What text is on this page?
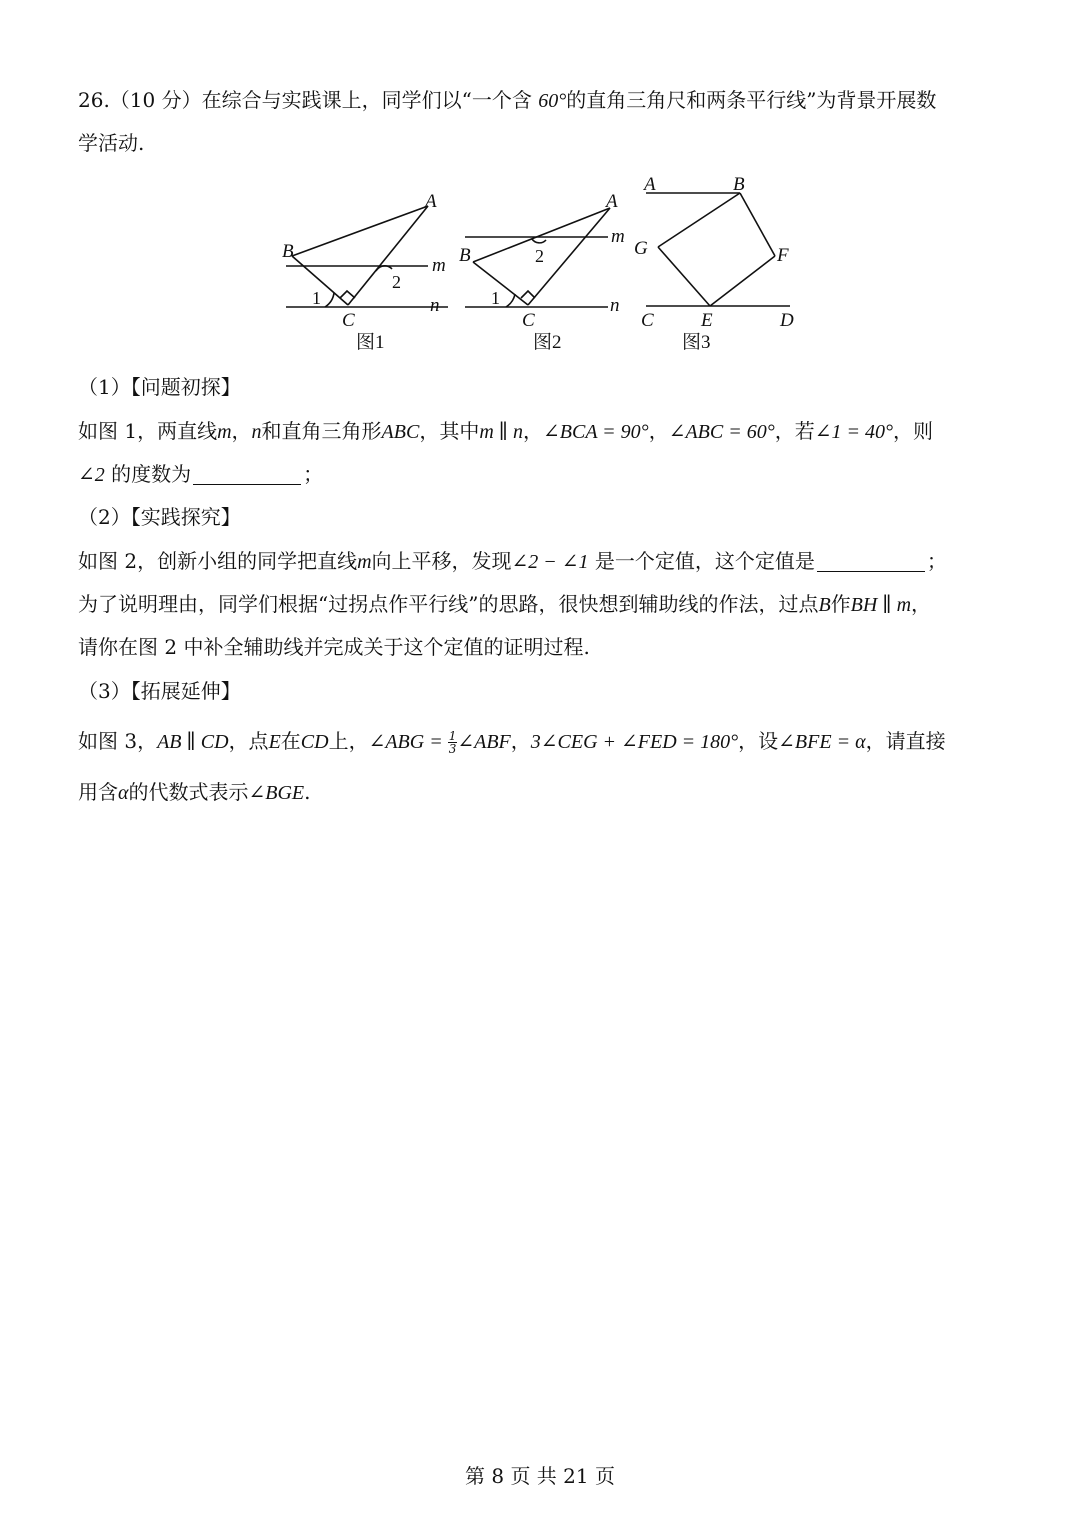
26.（10 分）在综合与实践课上，同学们以“一个含 60°的直角三角尺和两条平行线”为背景开展数
学活动.
A
B
C
m
n
A
B
C
m
n
A	B
G	F
C E	D
1
2
1
2
图1	图2	图3
（1）【问题初探】
如图 1，两直线m，n和直角三角形ABC，其中m ∥ n，∠BCA = 90°，∠ABC = 60°，若∠1 = 40°，则
∠2 的度数为	；
（2）【实践探究】
如图 2，创新小组的同学把直线m向上平移，发现∠2 − ∠1 是一个定值，这个定值是	；
为了说明理由，同学们根据“过拐点作平行线”的思路，很快想到辅助线的作法，过点B作BH ∥ m，
请你在图 2 中补全辅助线并完成关于这个定值的证明过程.
（3）【拓展延伸】
如图 3，AB ∥ CD，点E在CD上，∠ABG = $\frac{1}{3}$ ∠ABF，3∠CEG + ∠FED = 180°，设∠BFE = α，请直接
用含α的代数式表示∠BGE.
第 8 页 共 21 页
